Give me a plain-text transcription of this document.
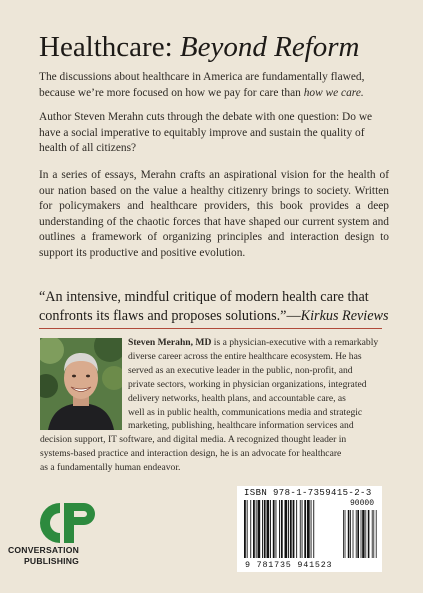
Healthcare: Beyond Reform

The discussions about healthcare in America are fundamentally flawed, because we’re more focused on how we pay for care than how we care.

Author Steven Merahn cuts through the debate with one question: Do we have a social imperative to equitably improve and sustain the quality of health of all citizens?

In a series of essays, Merahn crafts an aspirational vision for the health of our nation based on the value a healthy citizenry brings to society. Written for policymakers and healthcare providers, this book provides a deep understanding of the chaotic forces that have shaped our current system and outlines a framework of organizing principles and interaction design to support its productive and positive evolution.

“An intensive, mindful critique of modern health care that confronts its flaws and proposes solutions.”—Kirkus Reviews
Steven Merahn, MD is a physician-executive with a remarkably
diverse career across the entire healthcare ecosystem. He has
served as an executive leader in the public, non-profit, and
private sectors, working in physician organizations, integrated
delivery networks, health plans, and accountable care, as
well as in public health, communications media and strategic
marketing, publishing, healthcare information services and
decision support, IT software, and digital media. A recognized thought leader in
systems-based practice and interaction design, he is an advocate for healthcare
as a fundamentally human endeavor.
CONVERSATION
PUBLISHING
ISBN 978-1-7359415-2-3
90000
9 781735 941523
